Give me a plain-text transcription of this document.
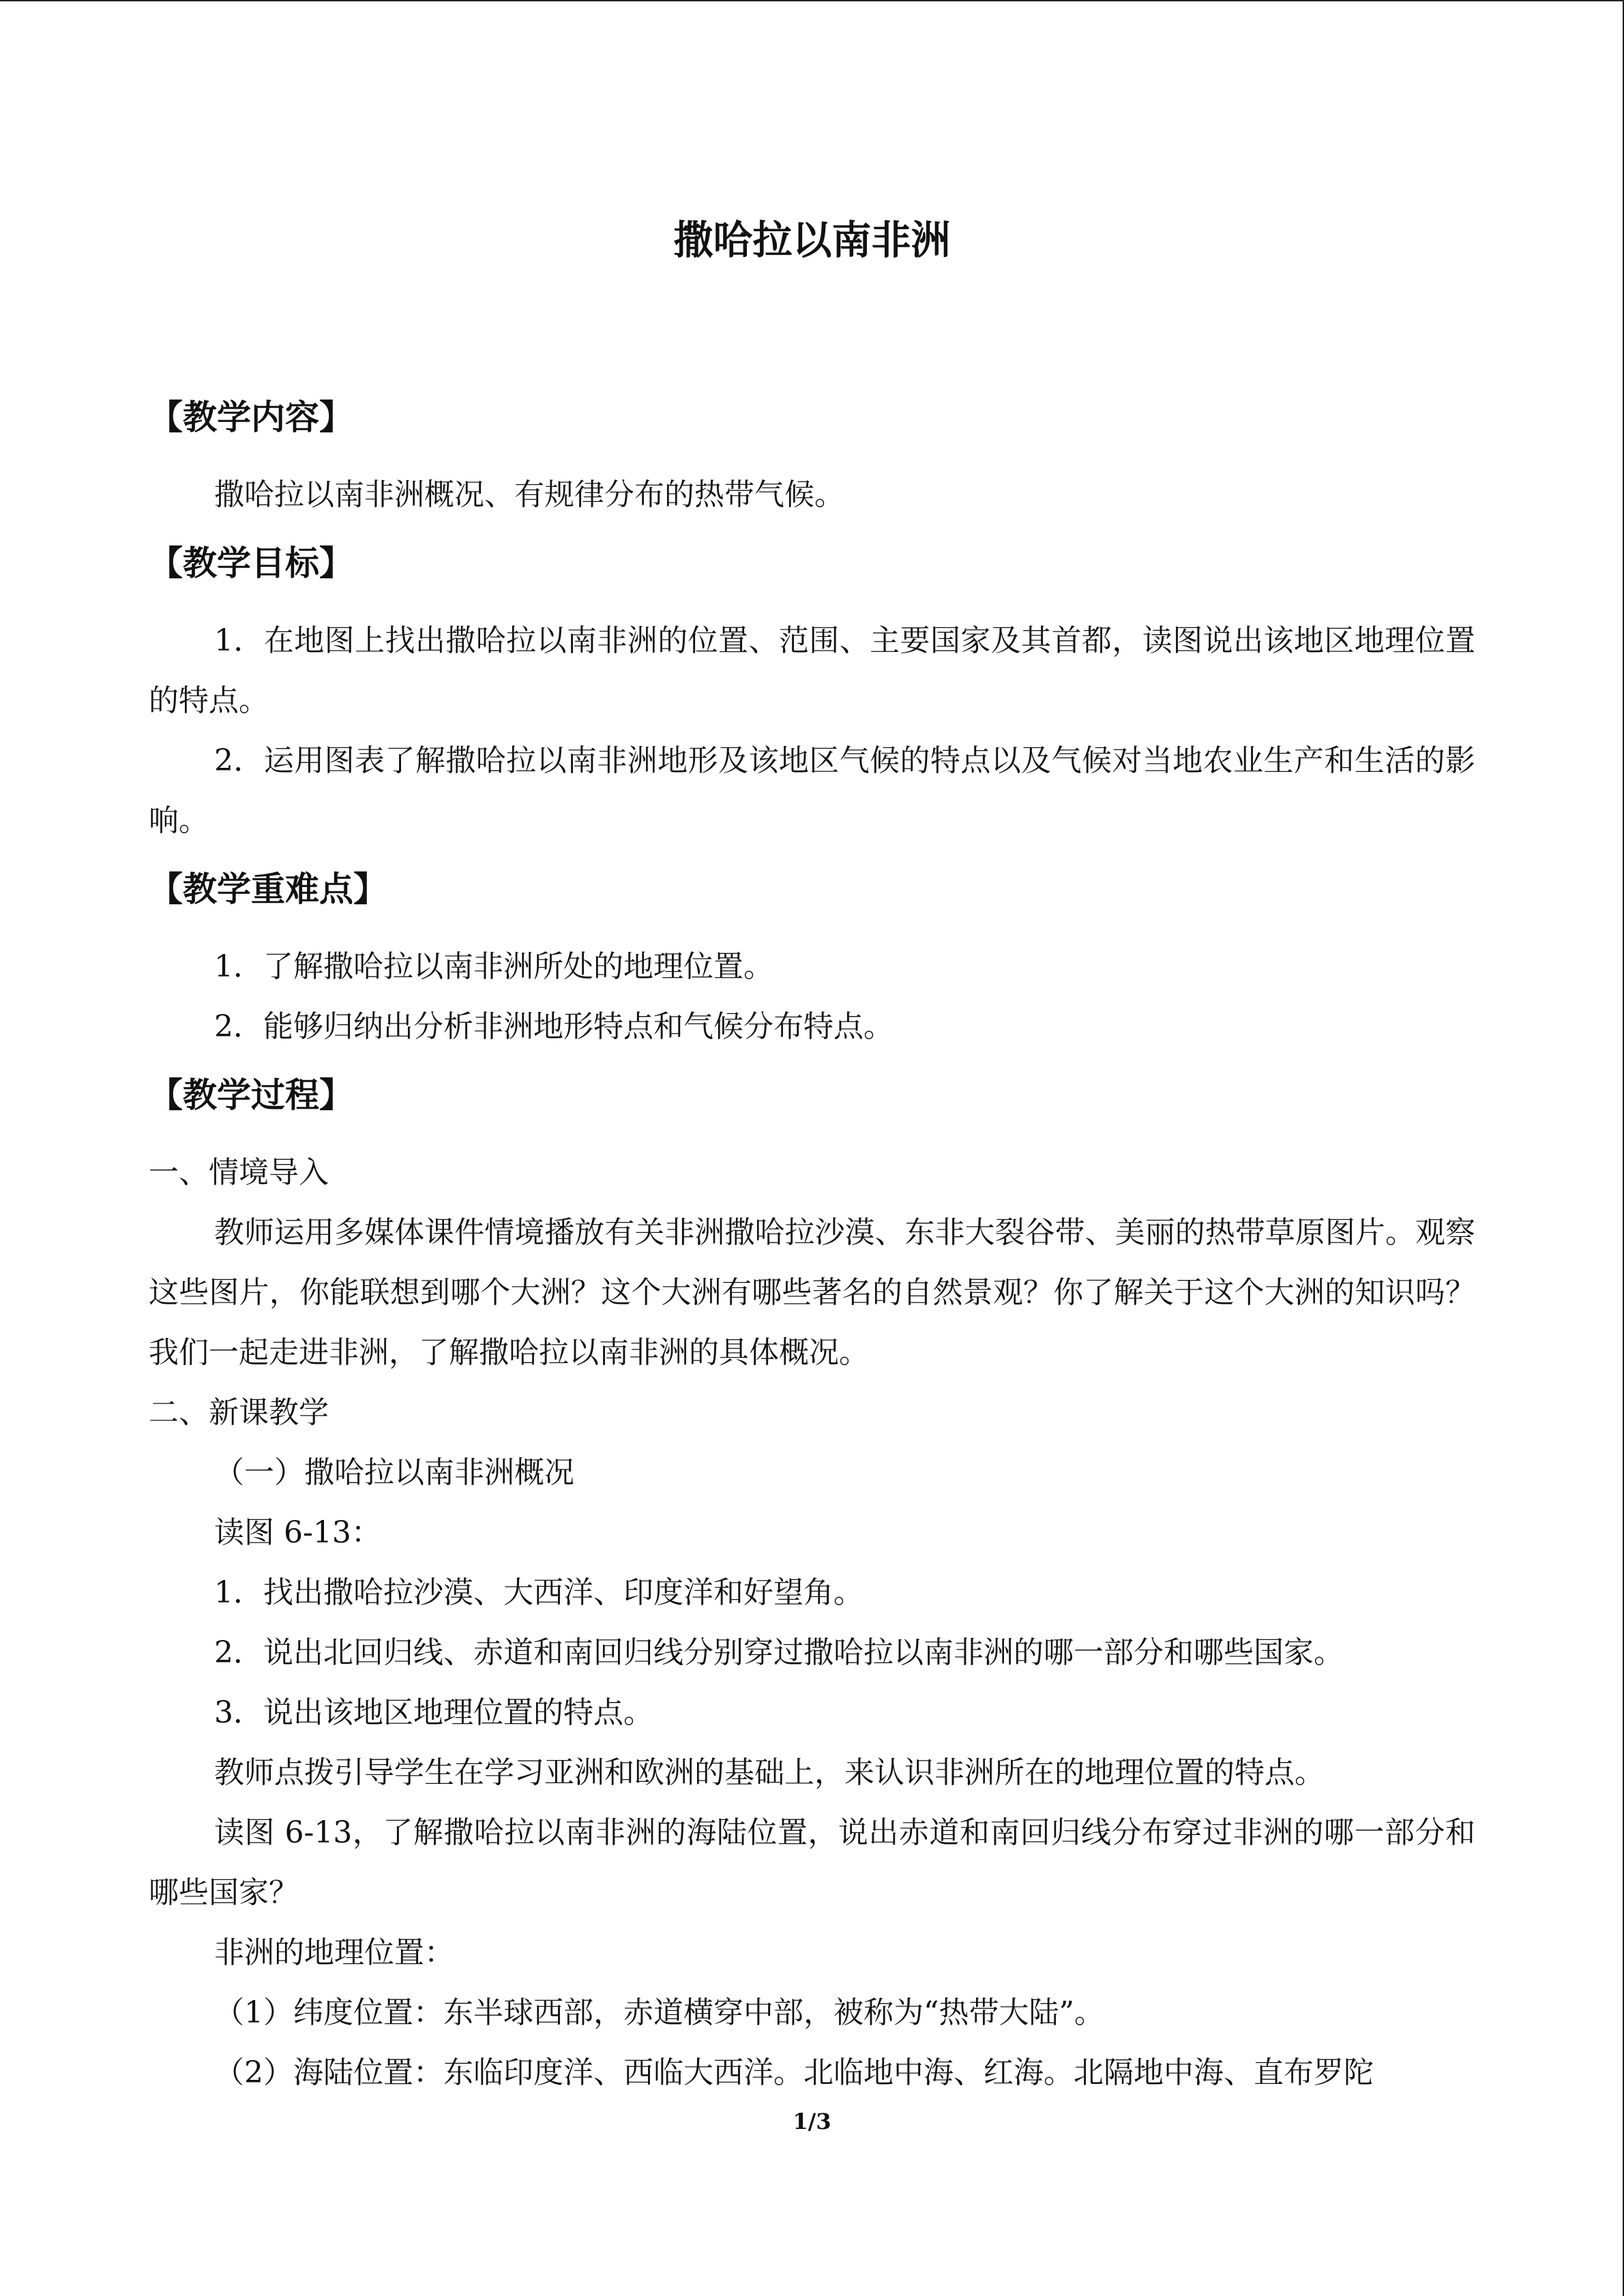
撒哈拉以南非洲
【教学内容】

撒哈拉以南非洲概况、有规律分布的热带气候。

【教学目标】

1．在地图上找出撒哈拉以南非洲的位置、范围、主要国家及其首都，读图说出该地区地理位置的特点。

2．运用图表了解撒哈拉以南非洲地形及该地区气候的特点以及气候对当地农业生产和生活的影响。

【教学重难点】

1．了解撒哈拉以南非洲所处的地理位置。

2．能够归纳出分析非洲地形特点和气候分布特点。

【教学过程】

一、情境导入

教师运用多媒体课件情境播放有关非洲撒哈拉沙漠、东非大裂谷带、美丽的热带草原图片。观察这些图片，你能联想到哪个大洲？这个大洲有哪些著名的自然景观？你了解关于这个大洲的知识吗？我们一起走进非洲，了解撒哈拉以南非洲的具体概况。

二、新课教学

（一）撒哈拉以南非洲概况

读图 6-13：

1．找出撒哈拉沙漠、大西洋、印度洋和好望角。

2．说出北回归线、赤道和南回归线分别穿过撒哈拉以南非洲的哪一部分和哪些国家。

3．说出该地区地理位置的特点。

教师点拨引导学生在学习亚洲和欧洲的基础上，来认识非洲所在的地理位置的特点。

读图 6-13，了解撒哈拉以南非洲的海陆位置，说出赤道和南回归线分布穿过非洲的哪一部分和哪些国家？

非洲的地理位置：

（1）纬度位置：东半球西部，赤道横穿中部，被称为“热带大陆”。

（2）海陆位置：东临印度洋、西临大西洋。北临地中海、红海。北隔地中海、直布罗陀

1/3
